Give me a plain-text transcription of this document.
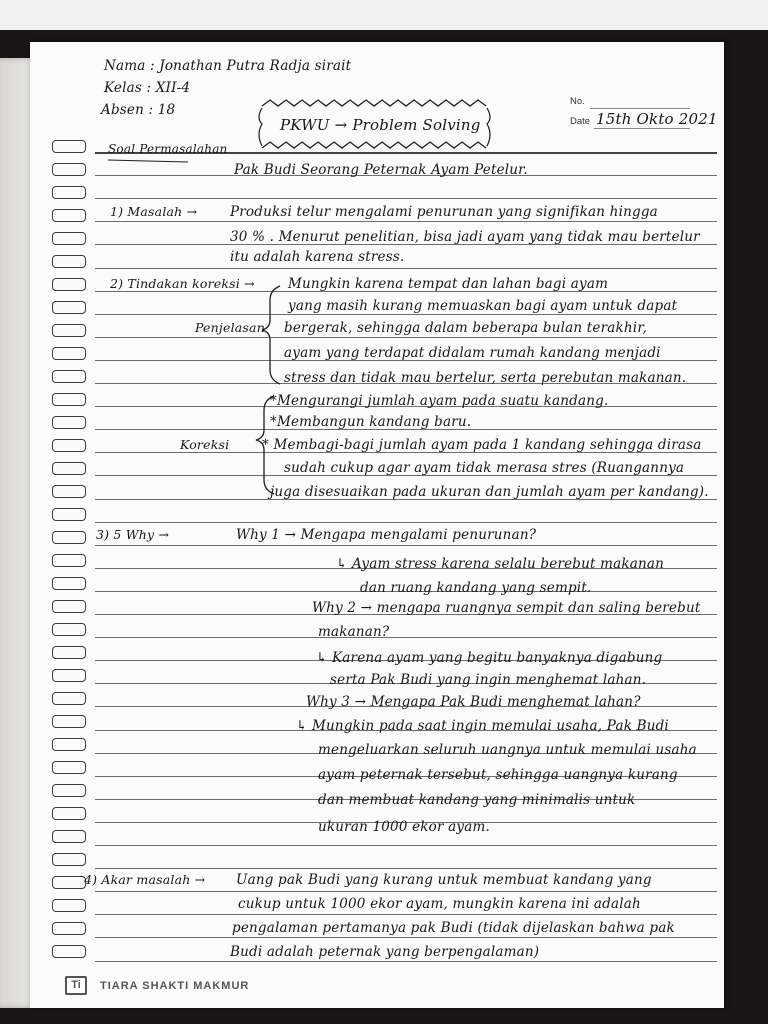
Nama : Jonathan Putra Radja sirait
Kelas : XII-4
Absen : 18
No.
Date 15th Okto 2021
PKWU → Problem Solving
Soal Permasalahan
Pak Budi Seorang Peternak Ayam Petelur.
1) Masalah → Produksi telur mengalami penurunan yang signifikan hingga
30 % . Menurut penelitian, bisa jadi ayam yang tidak mau bertelur
itu adalah karena stress.
2) Tindakan koreksi → Mungkin karena tempat dan lahan bagi ayam
yang masih kurang memuaskan bagi ayam untuk dapat
Penjelasan bergerak, sehingga dalam beberapa bulan terakhir,
ayam yang terdapat didalam rumah kandang menjadi
stress dan tidak mau bertelur, serta perebutan makanan.
*Mengurangi jumlah ayam pada suatu kandang.
*Membangun kandang baru.
Koreksi * Membagi-bagi jumlah ayam pada 1 kandang sehingga dirasa
sudah cukup agar ayam tidak merasa stres (Ruangannya
juga disesuaikan pada ukuran dan jumlah ayam per kandang).
3) 5 Why →	Why 1 → Mengapa mengalami penurunan?
↳ Ayam stress karena selalu berebut makanan
dan ruang kandang yang sempit.
Why 2 → mengapa ruangnya sempit dan saling berebut
makanan?
↳ Karena ayam yang begitu banyaknya digabung
serta Pak Budi yang ingin menghemat lahan.
Why 3 → Mengapa Pak Budi menghemat lahan?
↳ Mungkin pada saat ingin memulai usaha, Pak Budi
mengeluarkan seluruh uangnya untuk memulai usaha
ayam peternak tersebut, sehingga uangnya kurang
dan membuat kandang yang minimalis untuk
ukuran 1000 ekor ayam.
4) Akar masalah → Uang pak Budi yang kurang untuk membuat kandang yang
cukup untuk 1000 ekor ayam, mungkin karena ini adalah
pengalaman pertamanya pak Budi (tidak dijelaskan bahwa pak
Budi adalah peternak yang berpengalaman)
Ti	TIARA SHAKTI MAKMUR
